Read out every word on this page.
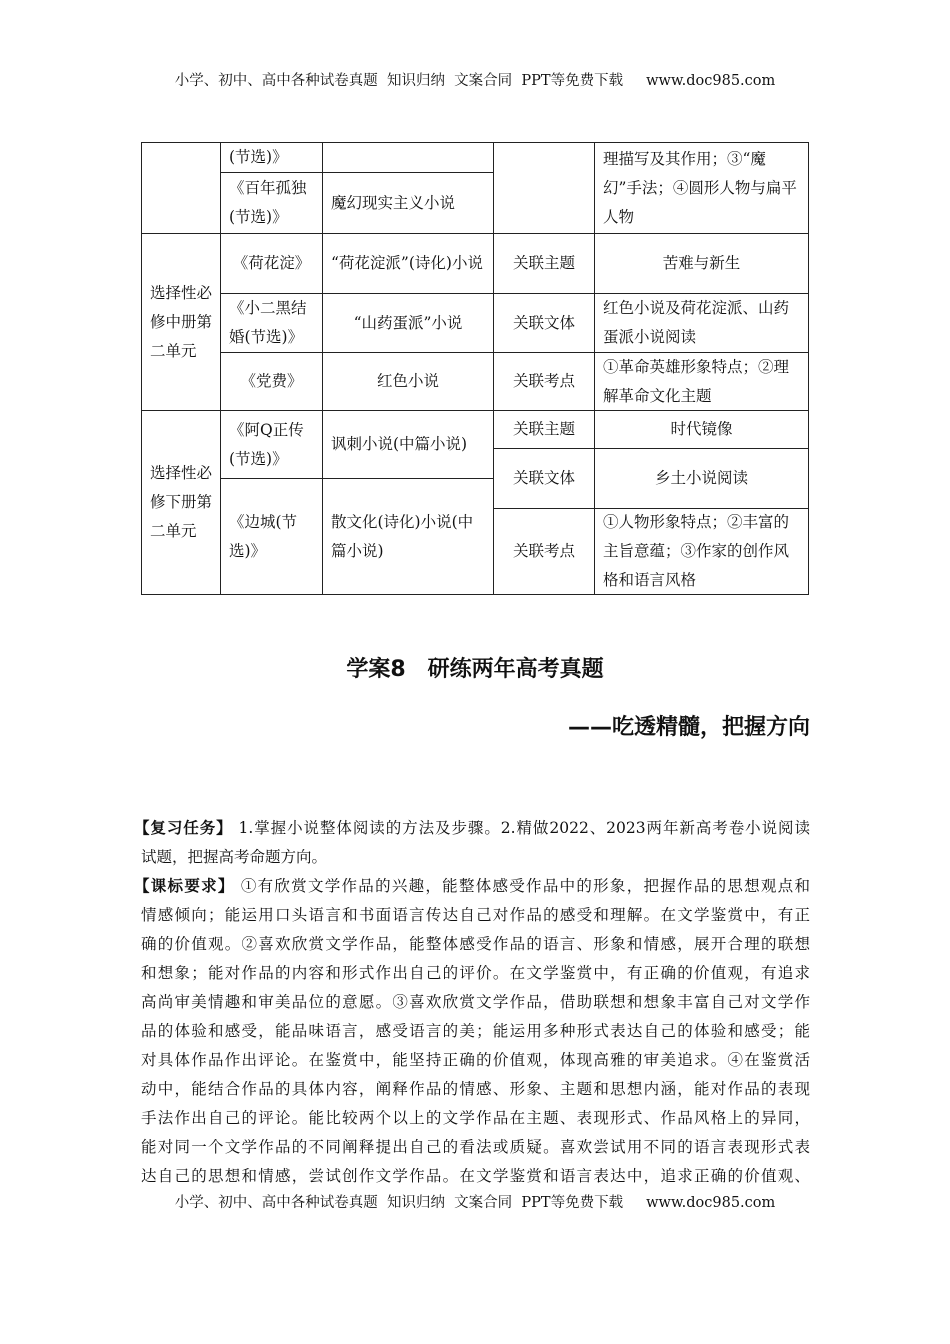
小学、初中、高中各种试卷真题  知识归纳  文案合同  PPT等免费下载     www.doc985.com
选择性必修中册第二单元
选择性必修下册第二单元
(节选)》
《百年孤独(节选)》
《荷花淀》
《小二黑结婚(节选)》
《党费》
《阿Q正传(节选)》
《边城(节选)》
魔幻现实主义小说
“荷花淀派”(诗化)小说
“山药蛋派”小说
红色小说
讽刺小说(中篇小说)
散文化(诗化)小说(中篇小说)
关联主题
关联文体
关联考点
关联主题
关联文体
关联考点
理描写及其作用；③“魔幻”手法；④圆形人物与扁平人物
苦难与新生
红色小说及荷花淀派、山药蛋派小说阅读
①革命英雄形象特点；②理解革命文化主题
时代镜像
乡土小说阅读
①人物形象特点；②丰富的主旨意蕴；③作家的创作风格和语言风格
学案8　研练两年高考真题
——吃透精髓，把握方向
【复习任务】 1.掌握小说整体阅读的方法及步骤。2.精做2022、2023两年新高考卷小说阅读
试题，把握高考命题方向。
【课标要求】 ①有欣赏文学作品的兴趣，能整体感受作品中的形象，把握作品的思想观点和
情感倾向；能运用口头语言和书面语言传达自己对作品的感受和理解。在文学鉴赏中，有正
确的价值观。②喜欢欣赏文学作品，能整体感受作品的语言、形象和情感，展开合理的联想
和想象；能对作品的内容和形式作出自己的评价。在文学鉴赏中，有正确的价值观，有追求
高尚审美情趣和审美品位的意愿。③喜欢欣赏文学作品，借助联想和想象丰富自己对文学作
品的体验和感受，能品味语言，感受语言的美；能运用多种形式表达自己的体验和感受；能
对具体作品作出评论。在鉴赏中，能坚持正确的价值观，体现高雅的审美追求。④在鉴赏活
动中，能结合作品的具体内容，阐释作品的情感、形象、主题和思想内涵，能对作品的表现
手法作出自己的评论。能比较两个以上的文学作品在主题、表现形式、作品风格上的异同，
能对同一个文学作品的不同阐释提出自己的看法或质疑。喜欢尝试用不同的语言表现形式表
达自己的思想和情感，尝试创作文学作品。在文学鉴赏和语言表达中，追求正确的价值观、
小学、初中、高中各种试卷真题  知识归纳  文案合同  PPT等免费下载     www.doc985.com
